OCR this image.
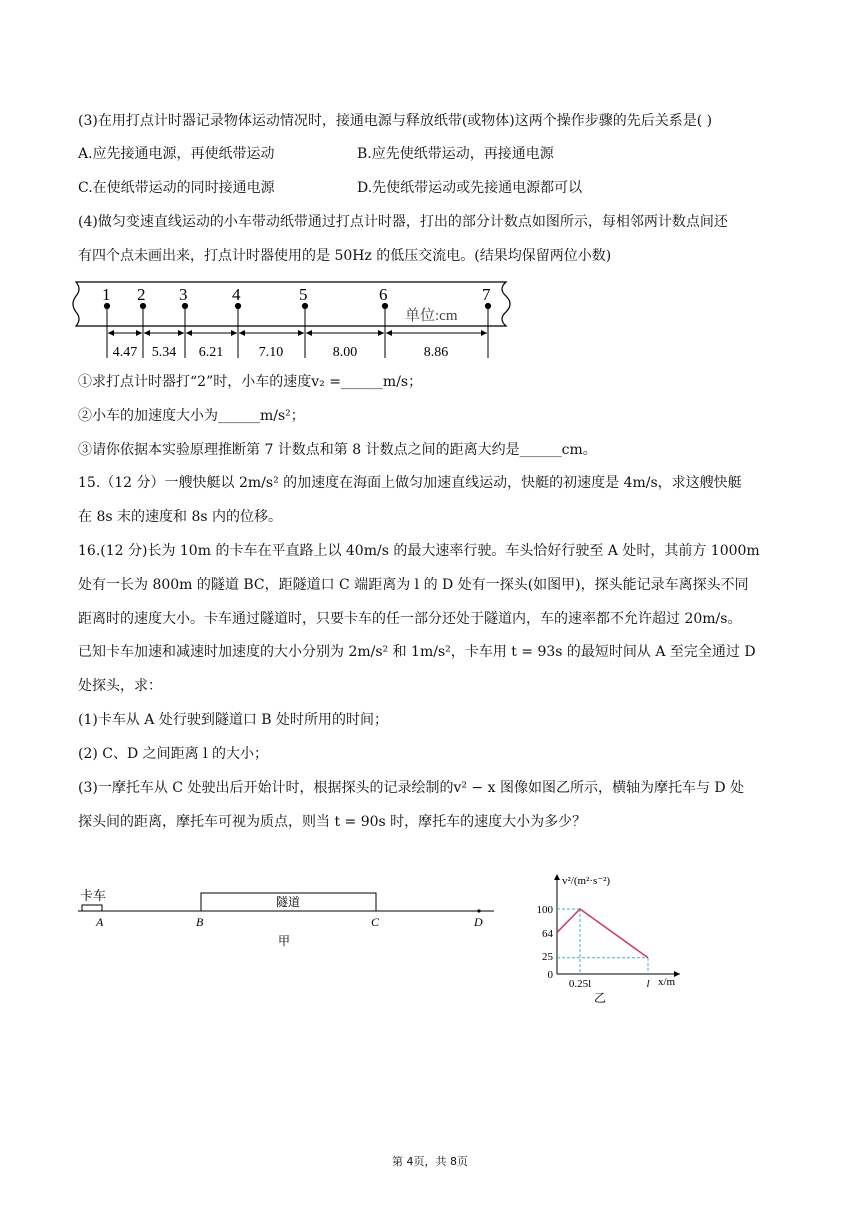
(3)在用打点计时器记录物体运动情况时，接通电源与释放纸带(或物体)这两个操作步骤的先后关系是( )
A.应先接通电源，再使纸带运动	B.应先使纸带运动，再接通电源
C.在使纸带运动的同时接通电源	D.先使纸带运动或先接通电源都可以
(4)做匀变速直线运动的小车带动纸带通过打点计时器，打出的部分计数点如图所示，每相邻两计数点间还
有四个点未画出来，打点计时器使用的是 50Hz 的低压交流电。(结果均保留两位小数)
1 2 3	4	5	6	7
单位:cm
4.47 5.34 6.21	7.10	8.00	8.86
①求打点计时器打“2”时，小车的速度v₂ =______m/s；
②小车的加速度大小为______m/s²；
③请你依据本实验原理推断第 7 计数点和第 8 计数点之间的距离大约是______cm。
15.（12 分）一艘快艇以 2m/s² 的加速度在海面上做匀加速直线运动，快艇的初速度是 4m/s，求这艘快艇
在 8s 末的速度和 8s 内的位移。
16.(12 分)长为 10m 的卡车在平直路上以 40m/s 的最大速率行驶。车头恰好行驶至 A 处时，其前方 1000m
处有一长为 800m 的隧道 BC，距隧道口 C 端距离为 l 的 D 处有一探头(如图甲)，探头能记录车离探头不同
距离时的速度大小。卡车通过隧道时，只要卡车的任一部分还处于隧道内，车的速率都不允许超过 20m/s。
已知卡车加速和减速时加速度的大小分别为 2m/s² 和 1m/s²，卡车用 t = 93s 的最短时间从 A 至完全通过 D
处探头，求：
(1)卡车从 A 处行驶到隧道口 B 处时所用的时间；
(2) C、D 之间距离 l 的大小；
(3)一摩托车从 C 处驶出后开始计时，根据探头的记录绘制的v² − x 图像如图乙所示，横轴为摩托车与 D 处
探头间的距离，摩托车可视为质点，则当 t = 90s 时，摩托车的速度大小为多少？
卡车	隧道
A	B	C	D
甲
v²/(m²·s⁻²)
x/m
100
64
25
0
0.25l	l
乙
第 4页，共 8页
